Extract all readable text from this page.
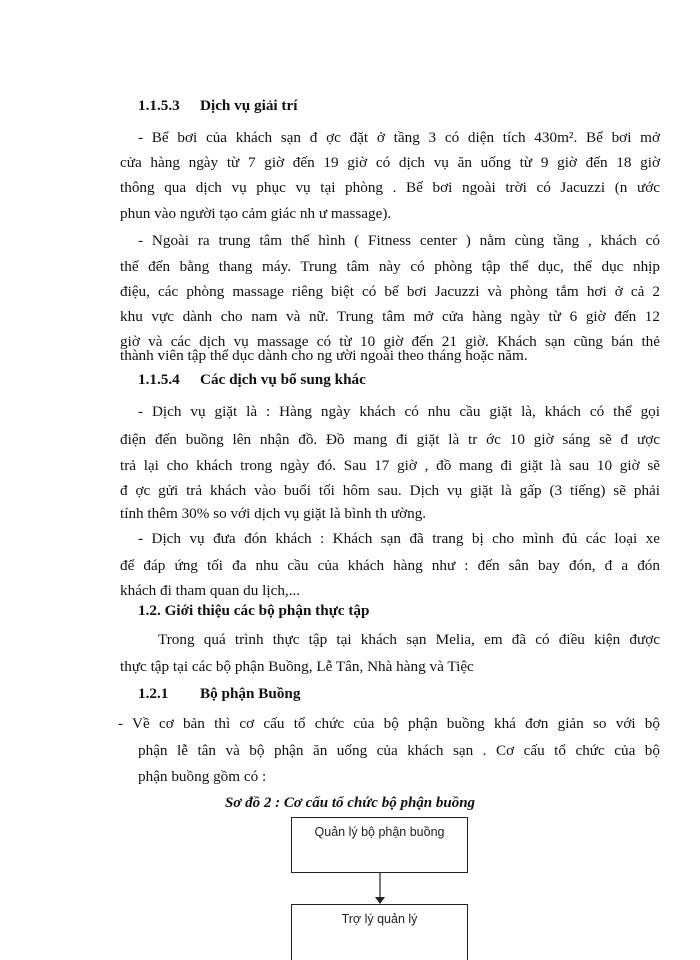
1.1.5.3 Dịch vụ giải trí
- Bể bơi của khách sạn đ ợc đặt ở tầng 3 có diện tích 430m². Bể bơi mở
cửa hàng ngày từ 7 giờ đến 19 giờ có dịch vụ ăn uống từ 9 giờ đến 18 giờ
thông qua dịch vụ phục vụ tại phòng . Bể bơi ngoài trời có Jacuzzi (n ước
phun vào người tạo cảm giác nh ư massage).
- Ngoài ra trung tâm thể hình ( Fitness center ) nằm cùng tầng , khách có
thể đến bằng thang máy. Trung tâm này có phòng tập thể dục, thể dục nhịp
điệu, các phòng massage riêng biệt có bể bơi Jacuzzi và phòng tắm hơi ở cả 2
khu vực dành cho nam và nữ. Trung tâm mở cửa hàng ngày từ 6 giờ đến 12
giờ và các dịch vụ massage có từ 10 giờ đến 21 giờ. Khách sạn cũng bán thẻ
thành viên tập thể dục dành cho ng ười ngoài theo tháng hoặc năm.
1.1.5.4 Các dịch vụ bổ sung khác
- Dịch vụ giặt là : Hàng ngày khách có nhu cầu giặt là, khách có thể gọi
điện đến buồng lên nhận đồ. Đồ mang đi giặt là tr ớc 10 giờ sáng sẽ đ ược
trả lại cho khách trong ngày đó. Sau 17 giờ , đồ mang đi giặt là sau 10 giờ sẽ
đ ợc gửi trả khách vào buổi tối hôm sau. Dịch vụ giặt là gấp (3 tiếng) sẽ phải
tính thêm 30% so với dịch vụ giặt là bình th ường.
- Dịch vụ đưa đón khách : Khách sạn đã trang bị cho mình đủ các loại xe
để đáp ứng tối đa nhu cầu của khách hàng như : đến sân bay đón, đ a đón
khách đi tham quan du lịch,...
1.2. Giới thiệu các bộ phận thực tập
Trong quá trình thực tập tại khách sạn Melia, em đã có điều kiện được
thực tập tại các bộ phận Buồng, Lễ Tân, Nhà hàng và Tiệc
1.2.1 Bộ phận Buồng
- Về cơ bản thì cơ cấu tổ chức của bộ phận buồng khá đơn giản so với bộ
phận lễ tân và bộ phận ăn uống của khách sạn . Cơ cấu tổ chức của bộ
phận buồng gồm có :
Sơ đồ 2 : Cơ cấu tổ chức bộ phận buồng
Quản lý bộ phận buồng
Trợ lý quản lý
